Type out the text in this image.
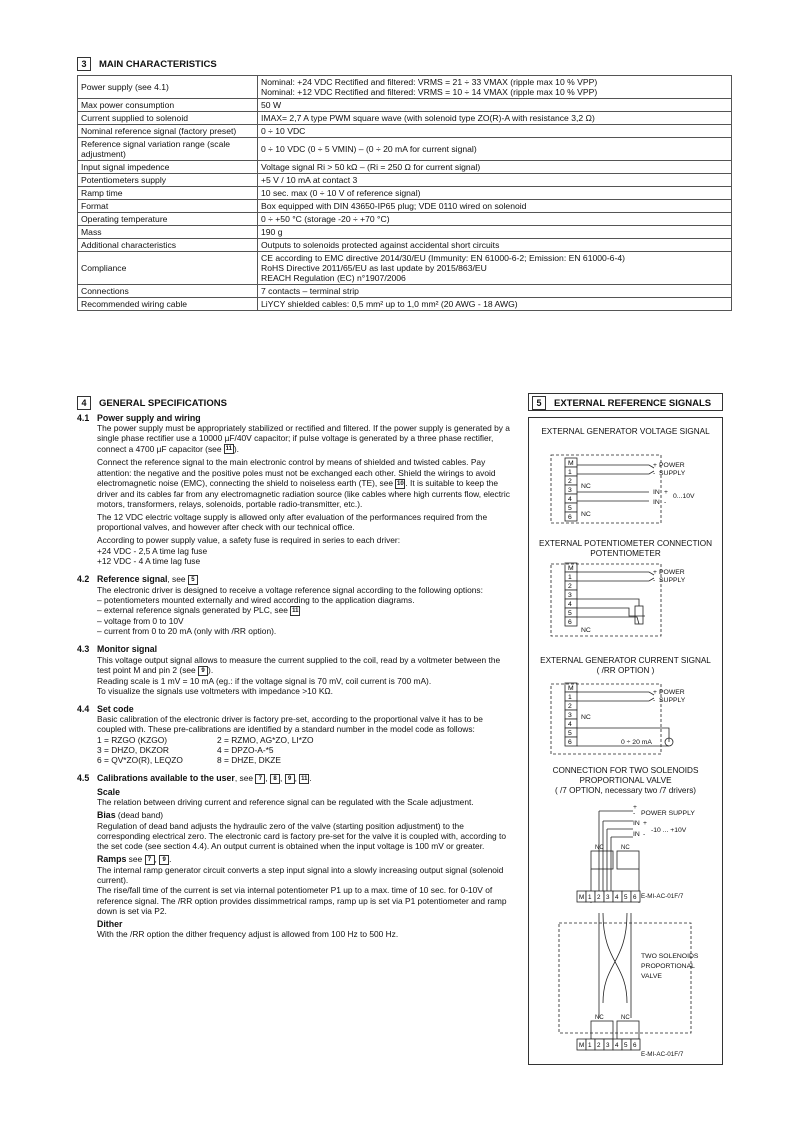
3	MAIN CHARACTERISTICS
Power supply (see 4.1)	Nominal: +24 VDC Rectified and filtered: VRMS = 21 ÷ 33 VMAX (ripple max 10 % VPP)
Nominal: +12 VDC Rectified and filtered: VRMS = 10 ÷ 14 VMAX (ripple max 10 % VPP)

Max power consumption	50 W

Current supplied to solenoid	IMAX= 2,7 A type PWM square wave (with solenoid type ZO(R)-A with resistance 3,2 Ω)

Nominal reference signal (factory preset)	0 ÷ 10 VDC

Reference signal variation range (scale adjustment)	0 ÷ 10 VDC (0 ÷ 5 VMIN) – (0 ÷ 20 mA for current signal)

Input signal impedence	Voltage signal Ri > 50 kΩ – (Ri = 250 Ω for current signal)

Potentiometers supply	+5 V / 10 mA at contact 3

Ramp time	10 sec. max (0 ÷ 10 V of reference signal)

Format	Box equipped with DIN 43650-IP65 plug; VDE 0110 wired on solenoid

Operating temperature	0 ÷ +50 °C (storage -20 ÷ +70 °C)

Mass	190 g

Additional characteristics	Outputs to solenoids protected against accidental short circuits

Compliance	CE according to EMC directive 2014/30/EU (Immunity: EN 61000-6-2; Emission: EN 61000-6-4)
RoHS Directive 2011/65/EU as last update by 2015/863/EU
REACH Regulation (EC) n°1907/2006

Connections	7 contacts – terminal strip

Recommended wiring cable	LiYCY shielded cables: 0,5 mm² up to 1,0 mm² (20 AWG - 18 AWG)
4	GENERAL SPECIFICATIONS
4.1 Power supply and wiring

The power supply must be appropriately stabilized or rectified and filtered. If the power supply is generated by a single phase rectifier use a 10000 µF/40V capacitor; if pulse voltage is generated by a three phase rectifier, connect a 4700 µF capacitor (see 11 ).

Connect the reference signal to the main electronic control by means of shielded and twisted cables. Pay attention: the negative and the positive poles must not be exchanged each other. Shield the wirings to avoid electromagnetic noise (EMC), connecting the shield to noiseless earth (TE), see 10 . It is suitable to keep the driver and its cables far from any electromagnetic radiation source (like cables where high currents flow, electric motors, transformers, relays, solenoids, portable radio-transmitter, etc.).

The 12 VDC electric voltage supply is allowed only after evaluation of the performances required from the proportional valves, and however after check with our technical office.

According to power supply value, a safety fuse is required in series to each driver:

+24 VDC - 2,5 A time lag fuse
+12 VDC - 4 A time lag fuse
4.2 Reference signal, see 5

The electronic driver is designed to receive a voltage reference signal according to the following options:

– potentiometers mounted externally and wired according to the application diagrams.
– external reference signals generated by PLC, see 11
– voltage from 0 to 10V
– current from 0 to 20 mA (only with /RR option).
4.3 Monitor signal
This voltage output signal allows to measure the current supplied to the coil, read by a voltmeter between the test point M and pin 2 (see 9 ).
Reading scale is 1 mV = 10 mA (eg.: if the voltage signal is 70 mV, coil current is 700 mA).
To visualize the signals use voltmeters with impedance >10 KΩ.
4.4 Set code
Basic calibration of the electronic driver is factory pre-set, according to the proportional valve it has to be coupled with. These pre-calibrations are identified by a standard number in the model code as follows:
1 = RZGO (KZGO)	2 = RZMO, AG*ZO, LI*ZO
3 = DHZO, DKZOR	4 = DPZO-A-*5
6 = QV*ZO(R), LEQZO	8 = DHZE, DKZE
4.5 Calibrations available to the user, see 7 , 8 , 9 , 11 .
Scale

The relation between driving current and reference signal can be regulated with the Scale adjustment.

Bias (dead band)

Regulation of dead band adjusts the hydraulic zero of the valve (starting position adjustment) to the corresponding electrical zero. The electronic card is factory pre-set for the valve it is coupled with, according to the set code (see section 4.4). An output current is obtained when the input voltage is 100 mV or greater.

Ramps see 7 , 9 .

The internal ramp generator circuit converts a step input signal into a slowly increasing output signal (solenoid current).

The rise/fall time of the current is set via internal potentiometer P1 up to a max. time of 10 sec. for 0-10V of reference signal. The /RR option provides dissimmetrical ramps, ramp up is set via P1 potentiometer and ramp down is set via P2.

Dither

With the /RR option the dither frequency adjust is allowed from 100 Hz to 500 Hz.

5	EXTERNAL REFERENCE SIGNALS
EXTERNAL GENERATOR VOLTAGE SIGNAL
M
1
2
3
4
5
6
+ POWER
- SUPPLY
NC
IN +
IN -
0...10V
NC
EXTERNAL POTENTIOMETER CONNECTION POTENTIOMETER
M
1
2
3
4
5
6
+ POWER
- SUPPLY
NC
EXTERNAL GENERATOR CURRENT SIGNAL
( /RR OPTION )
M
1
2
3
4
5
6
+ POWER
- SUPPLY
NC
0 ÷ 20 mA
CONNECTION FOR TWO SOLENOIDS PROPORTIONAL VALVE
( /7 OPTION, necessary two /7 drivers)
M 1 2 3 4 5 6
M 1 2 3 4 5 6
+
- POWER SUPPLY
IN +
IN -
-10 ... +10V
NC	NC
E-MI-AC-01F/7
E-MI-AC-01F/7
TWO SOLENOIDS
PROPORTIONAL
VALVE
NC	NC
